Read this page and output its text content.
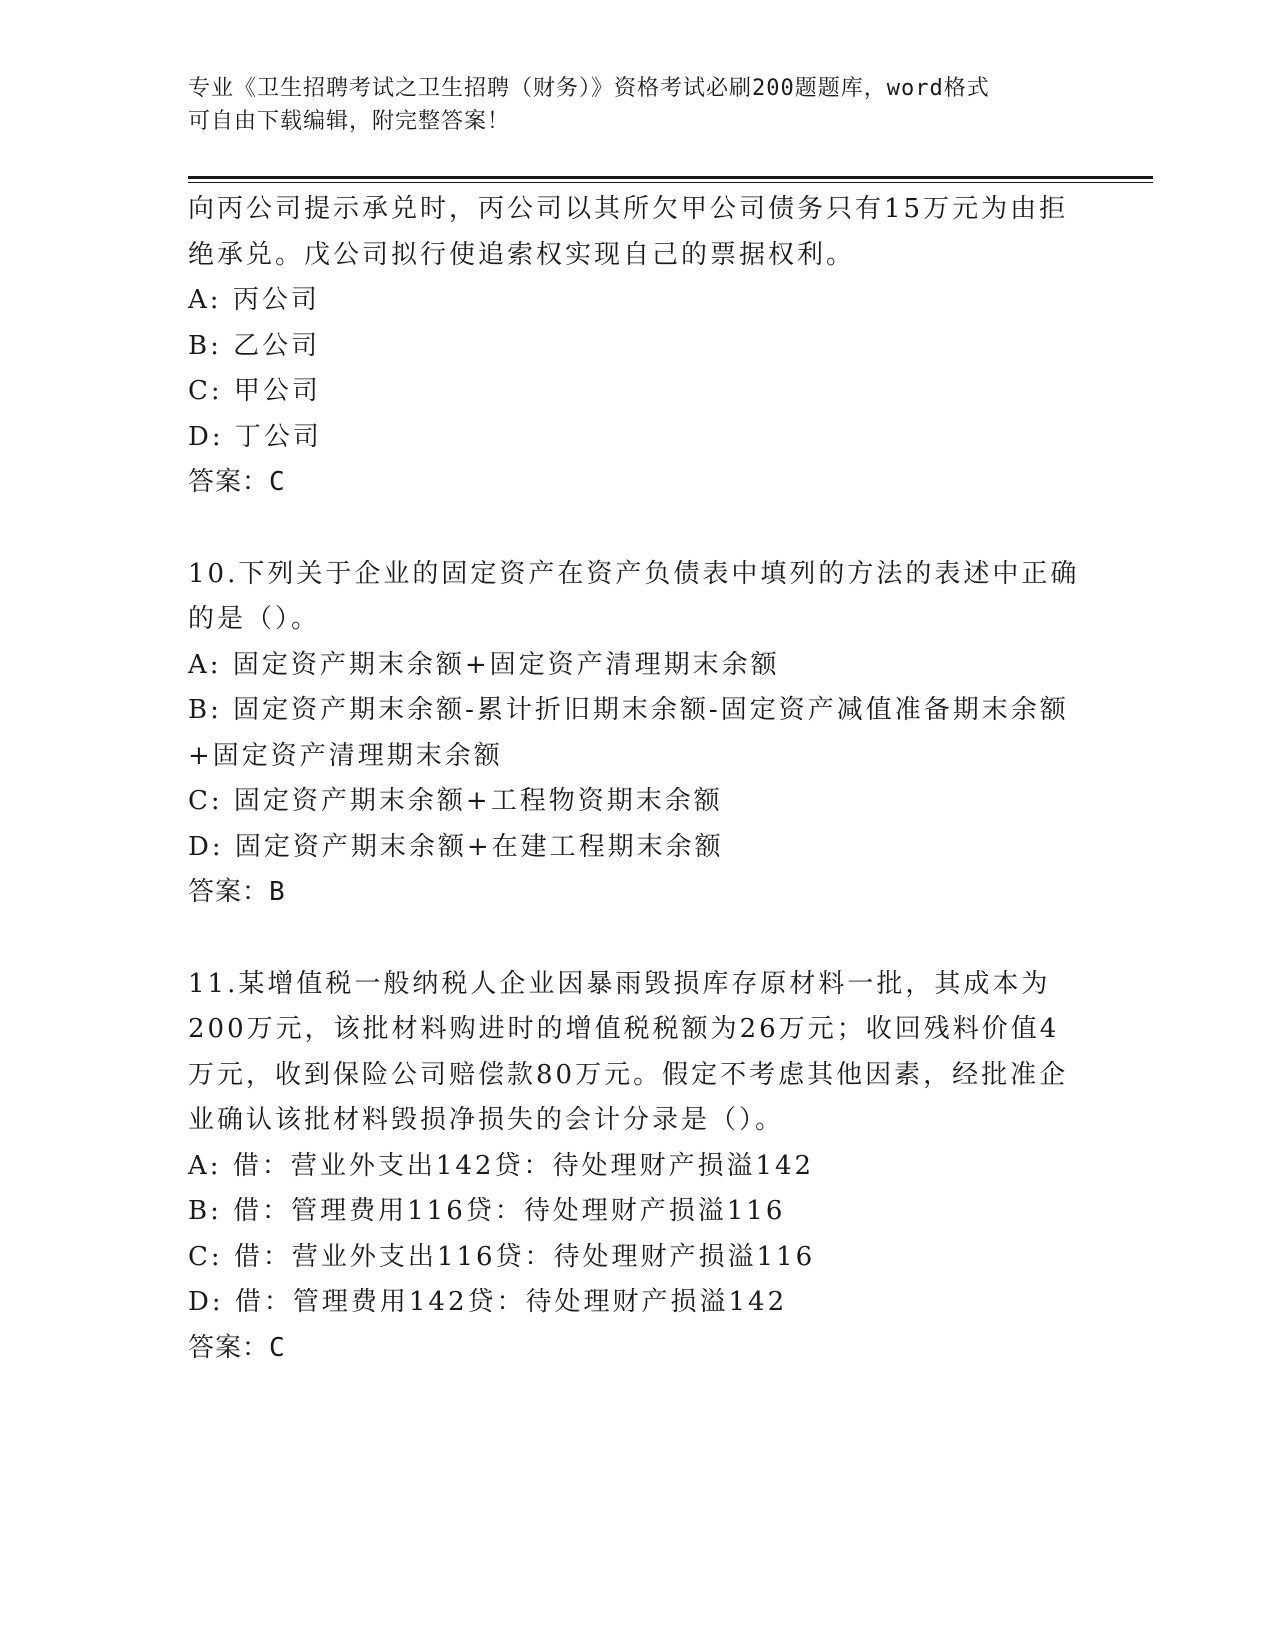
专业《卫生招聘考试之卫生招聘（财务）》资格考试必刷200题题库，word格式
可自由下载编辑，附完整答案！
向丙公司提示承兑时，丙公司以其所欠甲公司债务只有15万元为由拒
绝承兑。戊公司拟行使追索权实现自己的票据权利。
A: 丙公司
B: 乙公司
C: 甲公司
D: 丁公司
答案：C
10.下列关于企业的固定资产在资产负债表中填列的方法的表述中正确
的是（）。
A: 固定资产期末余额+固定资产清理期末余额
B: 固定资产期末余额-累计折旧期末余额-固定资产减值准备期末余额
+固定资产清理期末余额
C: 固定资产期末余额+工程物资期末余额
D: 固定资产期末余额+在建工程期末余额
答案：B
11.某增值税一般纳税人企业因暴雨毁损库存原材料一批，其成本为
200万元，该批材料购进时的增值税税额为26万元；收回残料价值4
万元，收到保险公司赔偿款80万元。假定不考虑其他因素，经批准企
业确认该批材料毁损净损失的会计分录是（）。
A: 借：营业外支出142贷：待处理财产损溢142
B: 借：管理费用116贷：待处理财产损溢116
C: 借：营业外支出116贷：待处理财产损溢116
D: 借：管理费用142贷：待处理财产损溢142
答案：C
